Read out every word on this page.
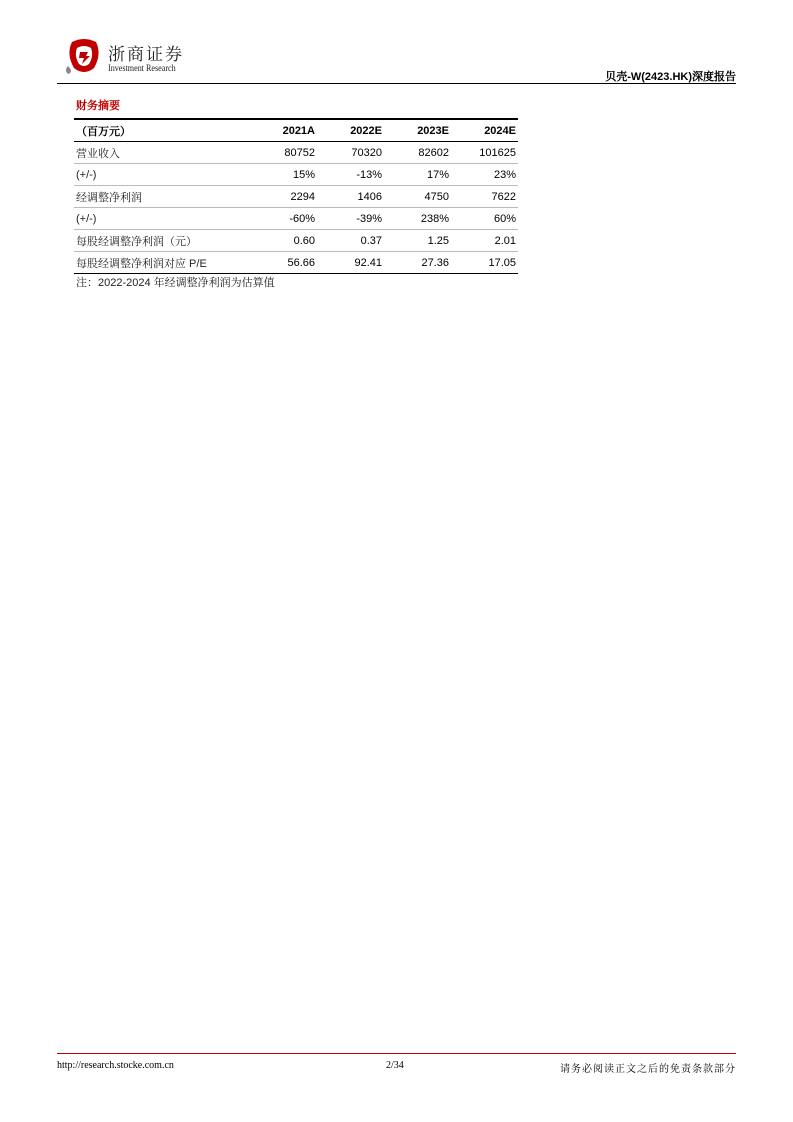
浙商证券
Investment Research
贝壳-W(2423.HK)深度报告
财务摘要
（百万元）	2021A	2022E	2023E	2024E
营业收入	80752	70320	82602	101625
(+/-)	15%	-13%	17%	23%
经调整净利润	2294	1406	4750	7622
(+/-)	-60%	-39%	238%	60%
每股经调整净利润（元）	0.60	0.37	1.25	2.01
每股经调整净利润对应 P/E	56.66	92.41	27.36	17.05
注：2022-2024 年经调整净利润为估算值
http://research.stocke.com.cn	2/34	请务必阅读正文之后的免责条款部分
